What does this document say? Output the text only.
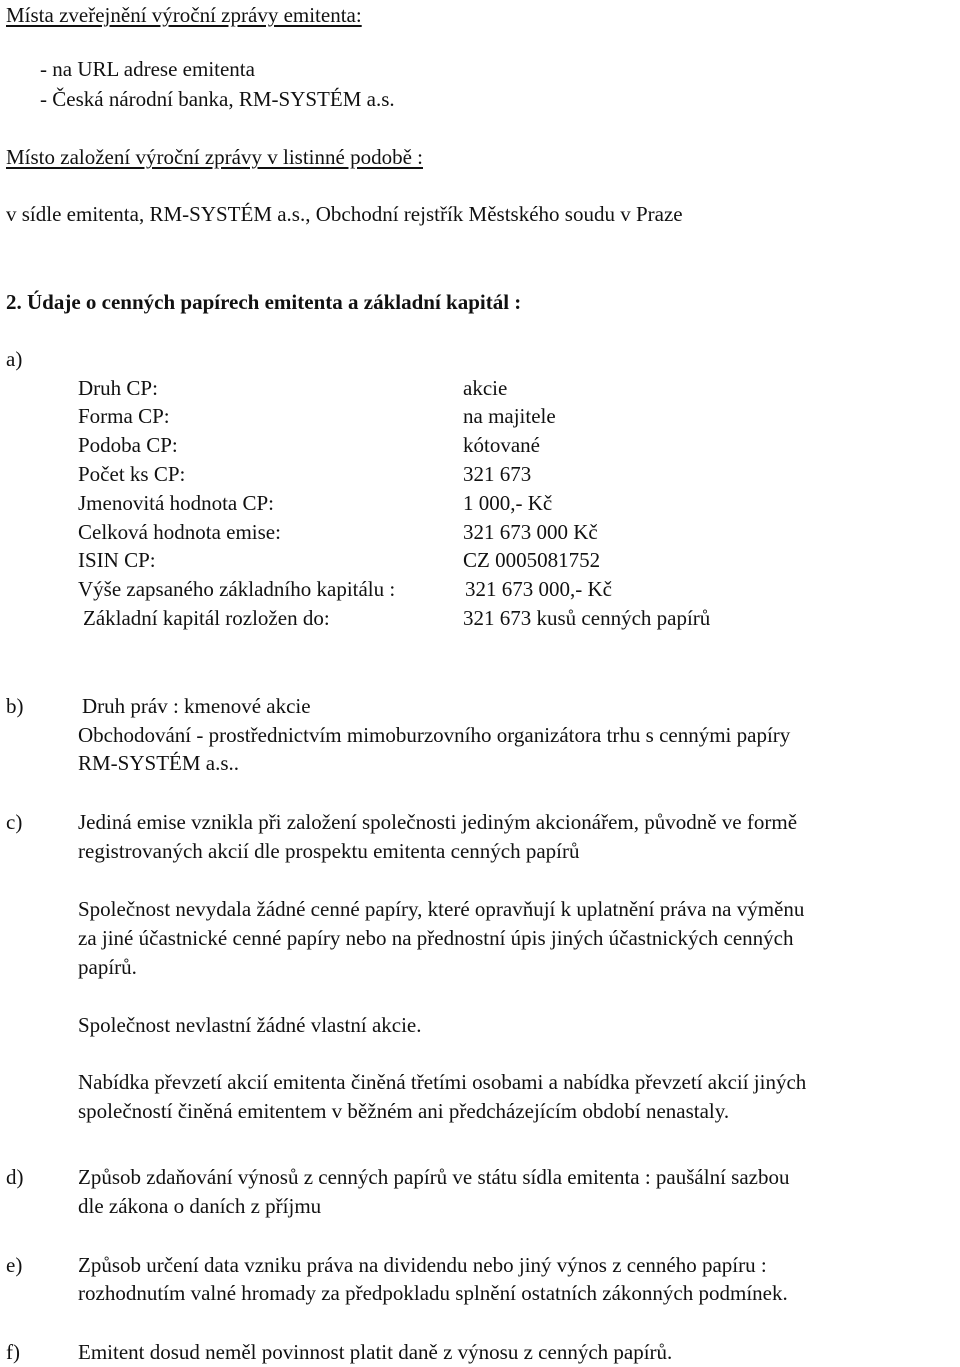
Místa zveřejnění výroční zprávy emitenta:
- na URL adrese emitenta
- Česká národní banka, RM-SYSTÉM a.s.
Místo založení výroční zprávy v listinné podobě :
v sídle emitenta, RM-SYSTÉM a.s., Obchodní rejstřík Městského soudu v Praze
2. Údaje o cenných papírech emitenta a základní kapitál :
a)
Druh CP:	akcie
Forma CP:	na majitele
Podoba CP:	kótované
Počet ks CP:	321 673
Jmenovitá hodnota CP:	1 000,- Kč
Celková hodnota emise:	321 673 000 Kč
ISIN CP:	CZ 0005081752
Výše zapsaného základního kapitálu :	321 673 000,- Kč
Základní kapitál rozložen do:	321 673 kusů cenných papírů
b)	Druh práv : kmenové akcie
Obchodování - prostřednictvím mimoburzovního organizátora trhu s cennými papíry
RM-SYSTÉM a.s..
c)	Jediná emise vznikla při založení společnosti jediným akcionářem, původně ve formě
registrovaných akcií dle prospektu emitenta cenných papírů
Společnost nevydala žádné cenné papíry, které opravňují k uplatnění práva na výměnu
za jiné účastnické cenné papíry nebo na přednostní úpis jiných účastnických cenných
papírů.
Společnost nevlastní žádné vlastní akcie.
Nabídka převzetí akcií emitenta činěná třetími osobami a nabídka převzetí akcií jiných
společností činěná emitentem v běžném ani předcházejícím období nenastaly.
d)	Způsob zdaňování výnosů z cenných papírů ve státu sídla emitenta : paušální sazbou
dle zákona o daních z příjmu
e)	Způsob určení data vzniku práva na dividendu nebo jiný výnos z cenného papíru :
rozhodnutím valné hromady za předpokladu splnění ostatních zákonných podmínek.
f)	Emitent dosud neměl povinnost platit daně z výnosu z cenných papírů.
